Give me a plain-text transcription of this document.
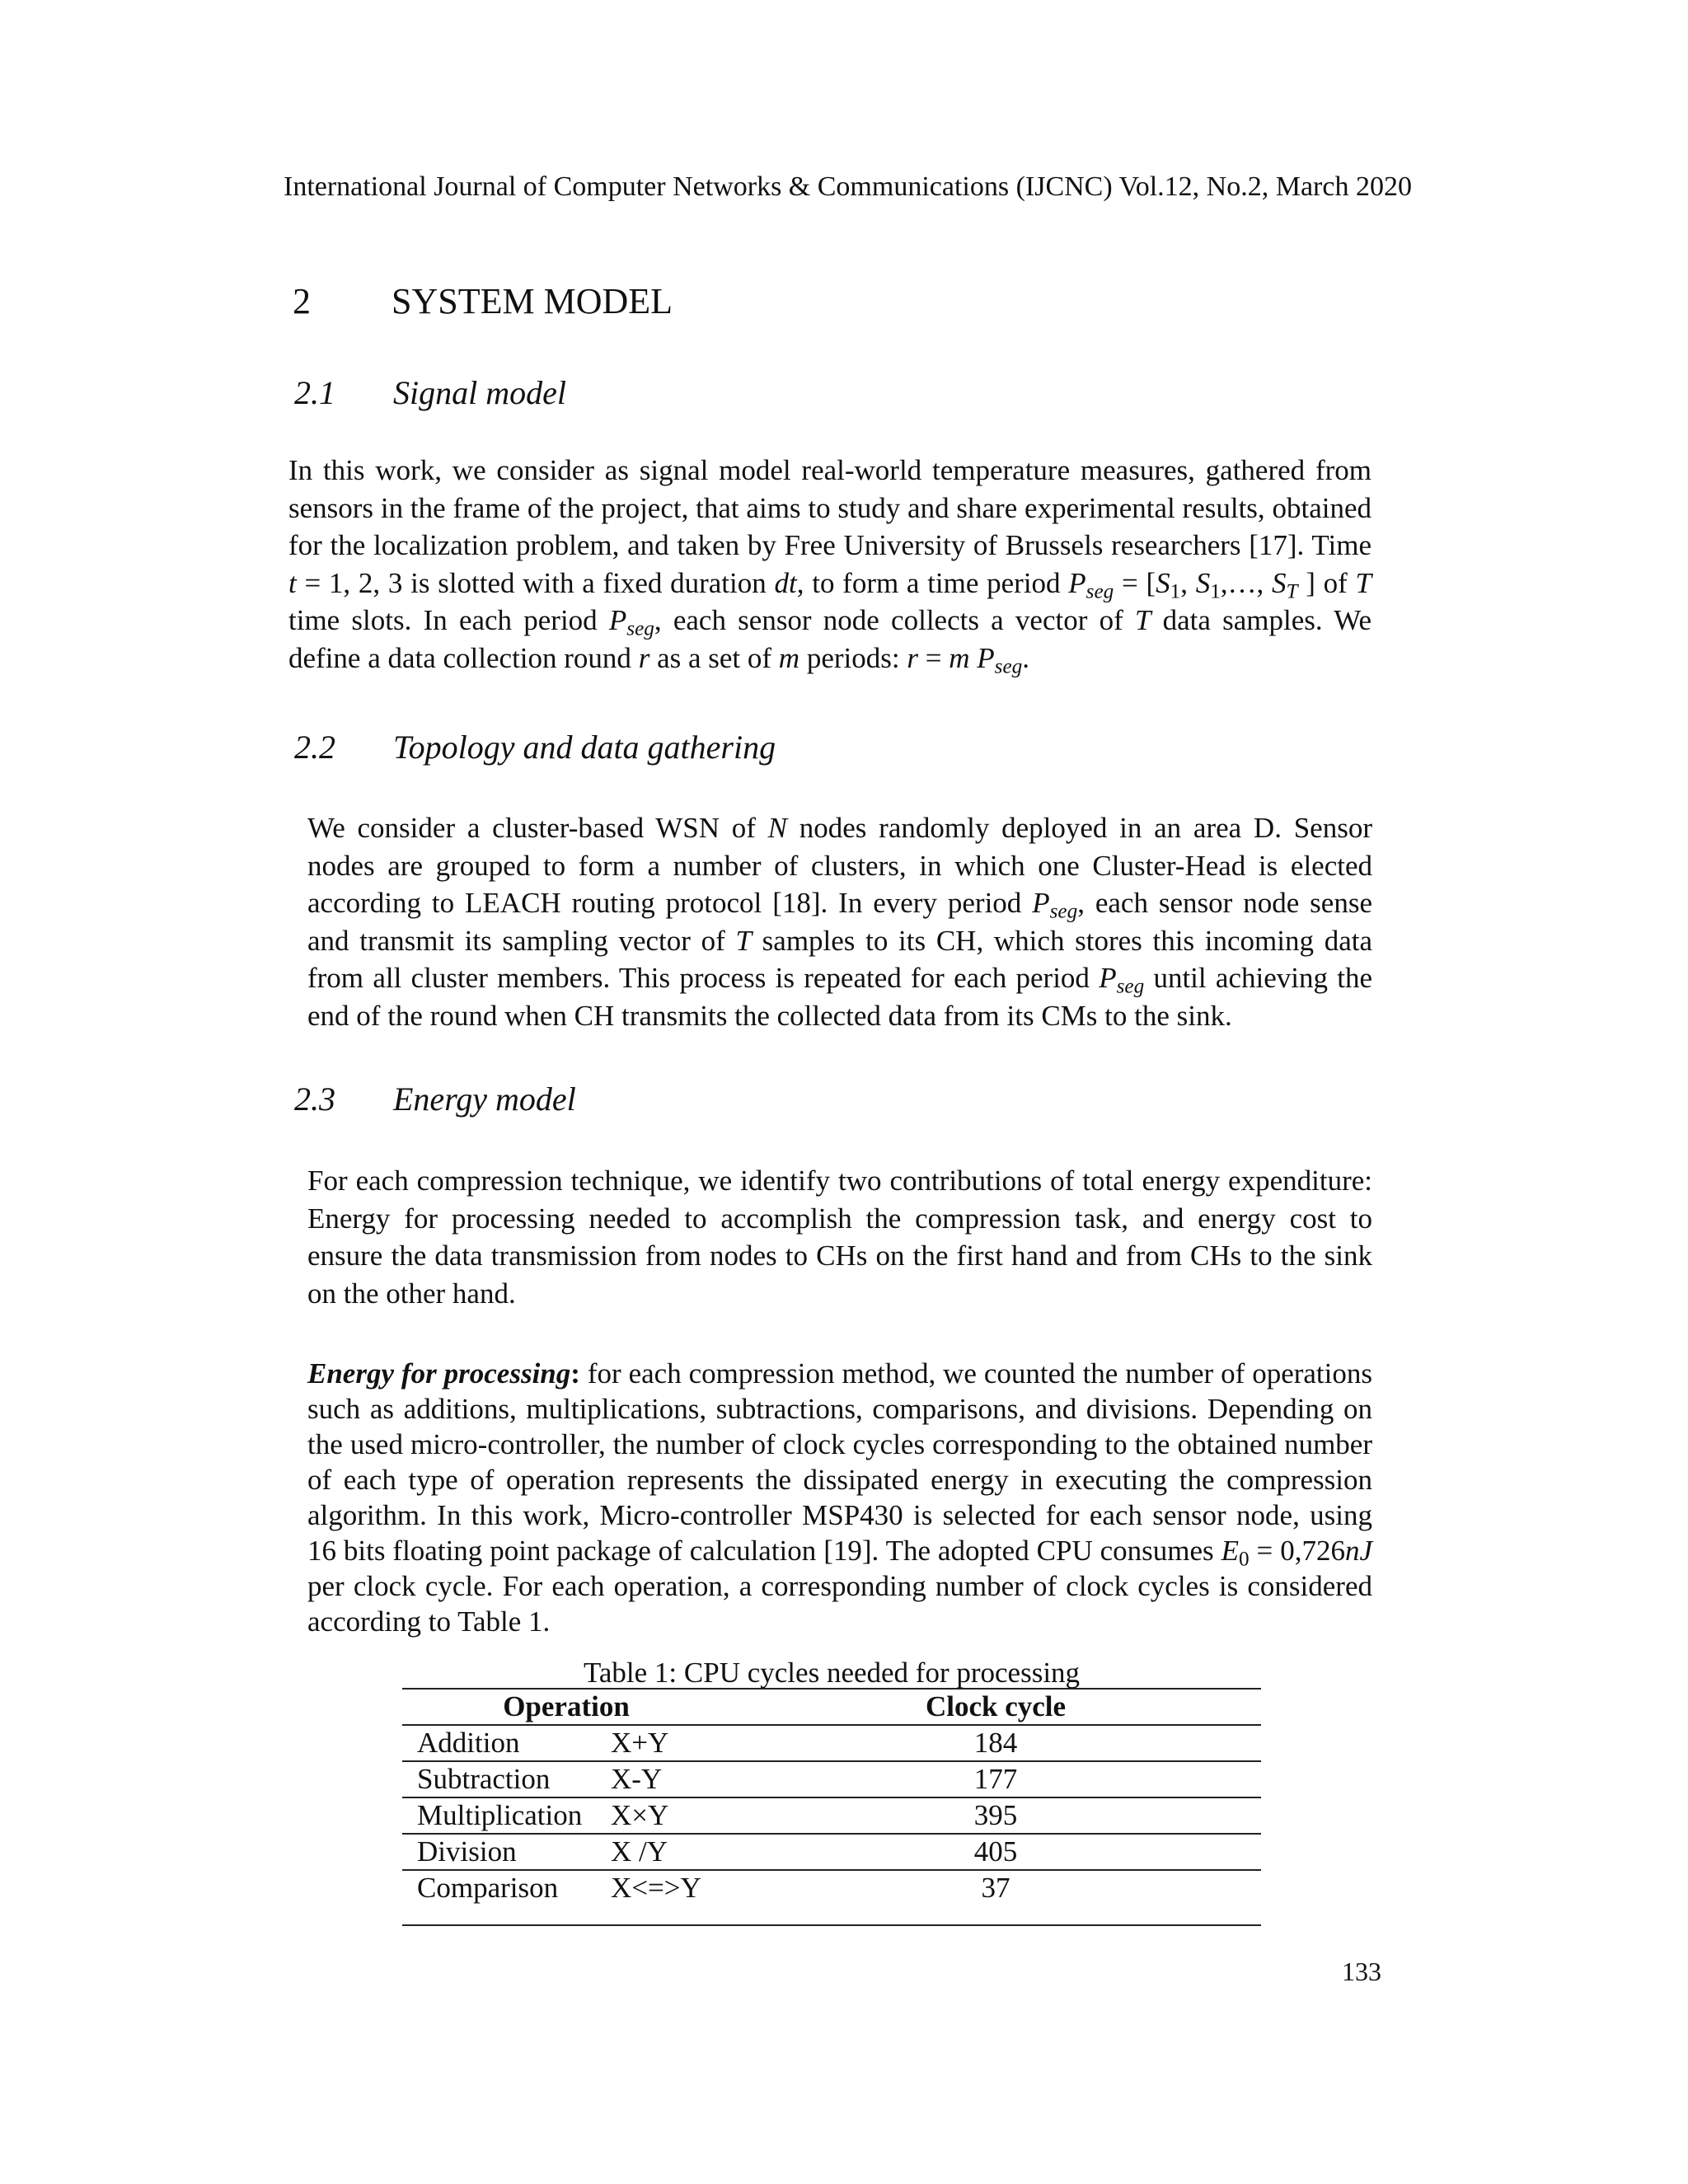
International Journal of Computer Networks & Communications (IJCNC) Vol.12, No.2, March 2020
2 SYSTEM MODEL
2.1 Signal model
In this work, we consider as signal model real-world temperature measures, gathered from sensors in the frame of the project, that aims to study and share experimental results, obtained for the localization problem, and taken by Free University of Brussels researchers [17]. Time t = 1, 2, 3 is slotted with a fixed duration dt, to form a time period $P_{seg} = [S_1$, $S_1,\dots$, $S_T$ ] of T time slots. In each period $P_{seg}$, each sensor node collects a vector of T data samples. We define a data collection round r as a set of m periods: r = m $P_{seg}$.
2.2 Topology and data gathering
We consider a cluster-based WSN of N nodes randomly deployed in an area D. Sensor nodes are grouped to form a number of clusters, in which one Cluster-Head is elected according to LEACH routing protocol [18]. In every period $P_{seg}$, each sensor node sense and transmit its sampling vector of T samples to its CH, which stores this incoming data from all cluster members. This process is repeated for each period $P_{seg}$ until achieving the end of the round when CH transmits the collected data from its CMs to the sink.
2.3 Energy model
For each compression technique, we identify two contributions of total energy expenditure: Energy for processing needed to accomplish the compression task, and energy cost to ensure the data transmission from nodes to CHs on the first hand and from CHs to the sink on the other hand.
Energy for processing: for each compression method, we counted the number of operations such as additions, multiplications, subtractions, comparisons, and divisions. Depending on the used micro-controller, the number of clock cycles corresponding to the obtained number of each type of operation represents the dissipated energy in executing the compression algorithm. In this work, Micro-controller MSP430 is selected for each sensor node, using 16 bits floating point package of calculation [19]. The adopted CPU consumes $E_0 = 0,726nJ$ per clock cycle. For each operation, a corresponding number of clock cycles is considered according to Table 1.
Table 1: CPU cycles needed for processing
Operation		Clock cycle
Addition	X+Y	184
Subtraction	X-Y	177
Multiplication	X×Y	395
Division	X /Y	405
Comparison	X<=>Y	37
133
